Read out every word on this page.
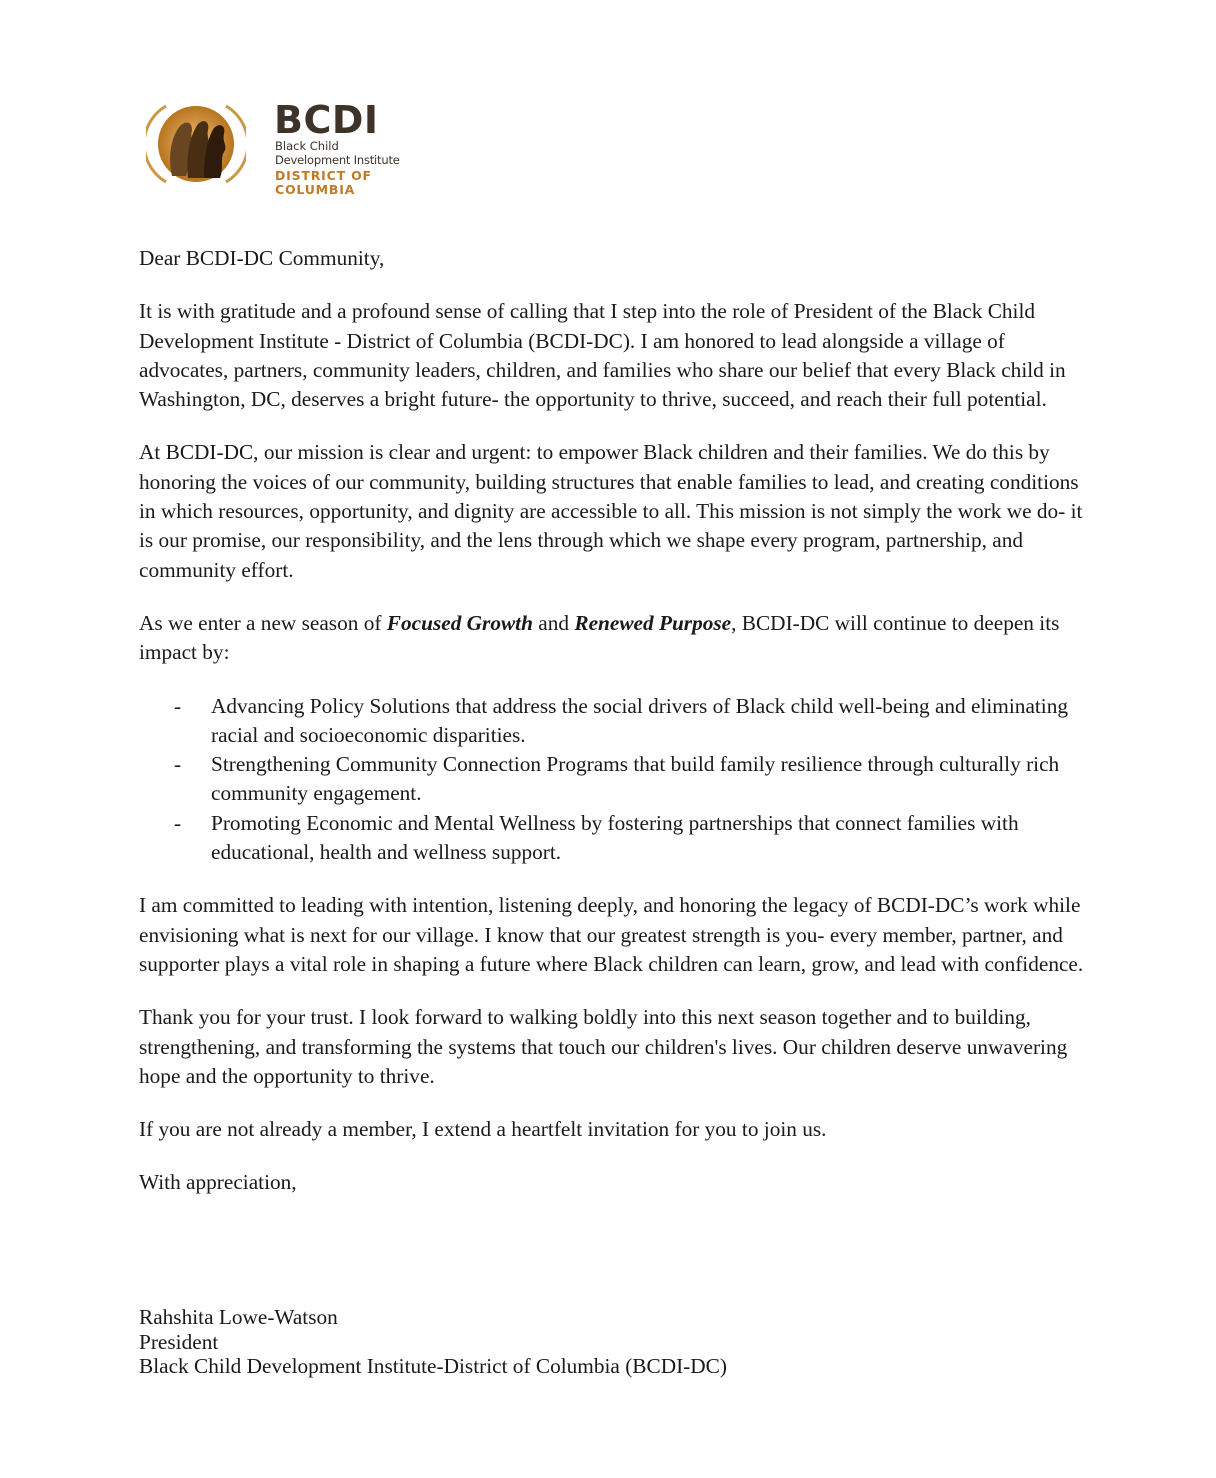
BCDI
Black Child
Development Institute
DISTRICT OF COLUMBIA

Dear BCDI-DC Community,

It is with gratitude and a profound sense of calling that I step into the role of President of the Black Child Development Institute - District of Columbia (BCDI-DC). I am honored to lead alongside a village of advocates, partners, community leaders, children, and families who share our belief that every Black child in Washington, DC, deserves a bright future- the opportunity to thrive, succeed, and reach their full potential.

At BCDI-DC, our mission is clear and urgent: to empower Black children and their families. We do this by honoring the voices of our community, building structures that enable families to lead, and creating conditions in which resources, opportunity, and dignity are accessible to all. This mission is not simply the work we do- it is our promise, our responsibility, and the lens through which we shape every program, partnership, and community effort.

As we enter a new season of Focused Growth and Renewed Purpose, BCDI-DC will continue to deepen its impact by:

- Advancing Policy Solutions that address the social drivers of Black child well-being and eliminating racial and socioeconomic disparities.
- Strengthening Community Connection Programs that build family resilience through culturally rich community engagement.
- Promoting Economic and Mental Wellness by fostering partnerships that connect families with educational, health and wellness support.

I am committed to leading with intention, listening deeply, and honoring the legacy of BCDI-DC’s work while envisioning what is next for our village. I know that our greatest strength is you- every member, partner, and supporter plays a vital role in shaping a future where Black children can learn, grow, and lead with confidence.

Thank you for your trust. I look forward to walking boldly into this next season together and to building, strengthening, and transforming the systems that touch our children's lives. Our children deserve unwavering hope and the opportunity to thrive.

If you are not already a member, I extend a heartfelt invitation for you to join us.

With appreciation,

Rahshita Lowe-Watson
President
Black Child Development Institute-District of Columbia (BCDI-DC)
